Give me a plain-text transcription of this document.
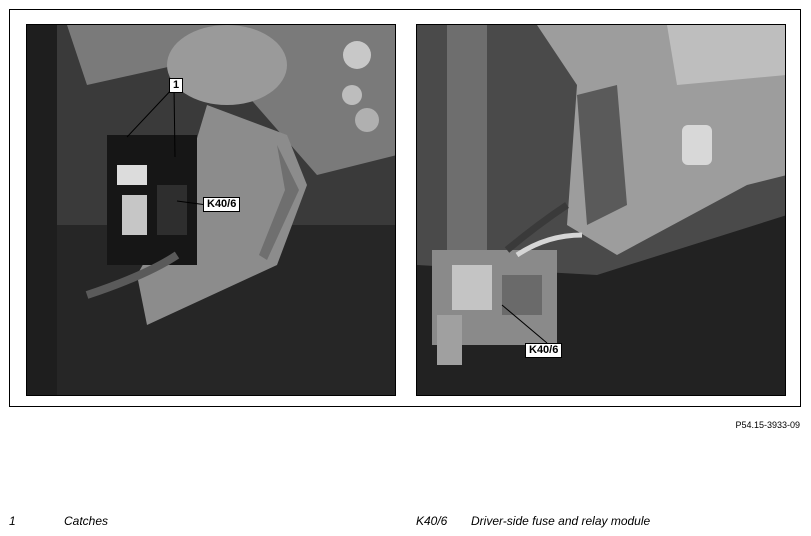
1
K40/6
K40/6
P54.15-3933-09
1	Catches	K40/6 Driver-side fuse and relay module
